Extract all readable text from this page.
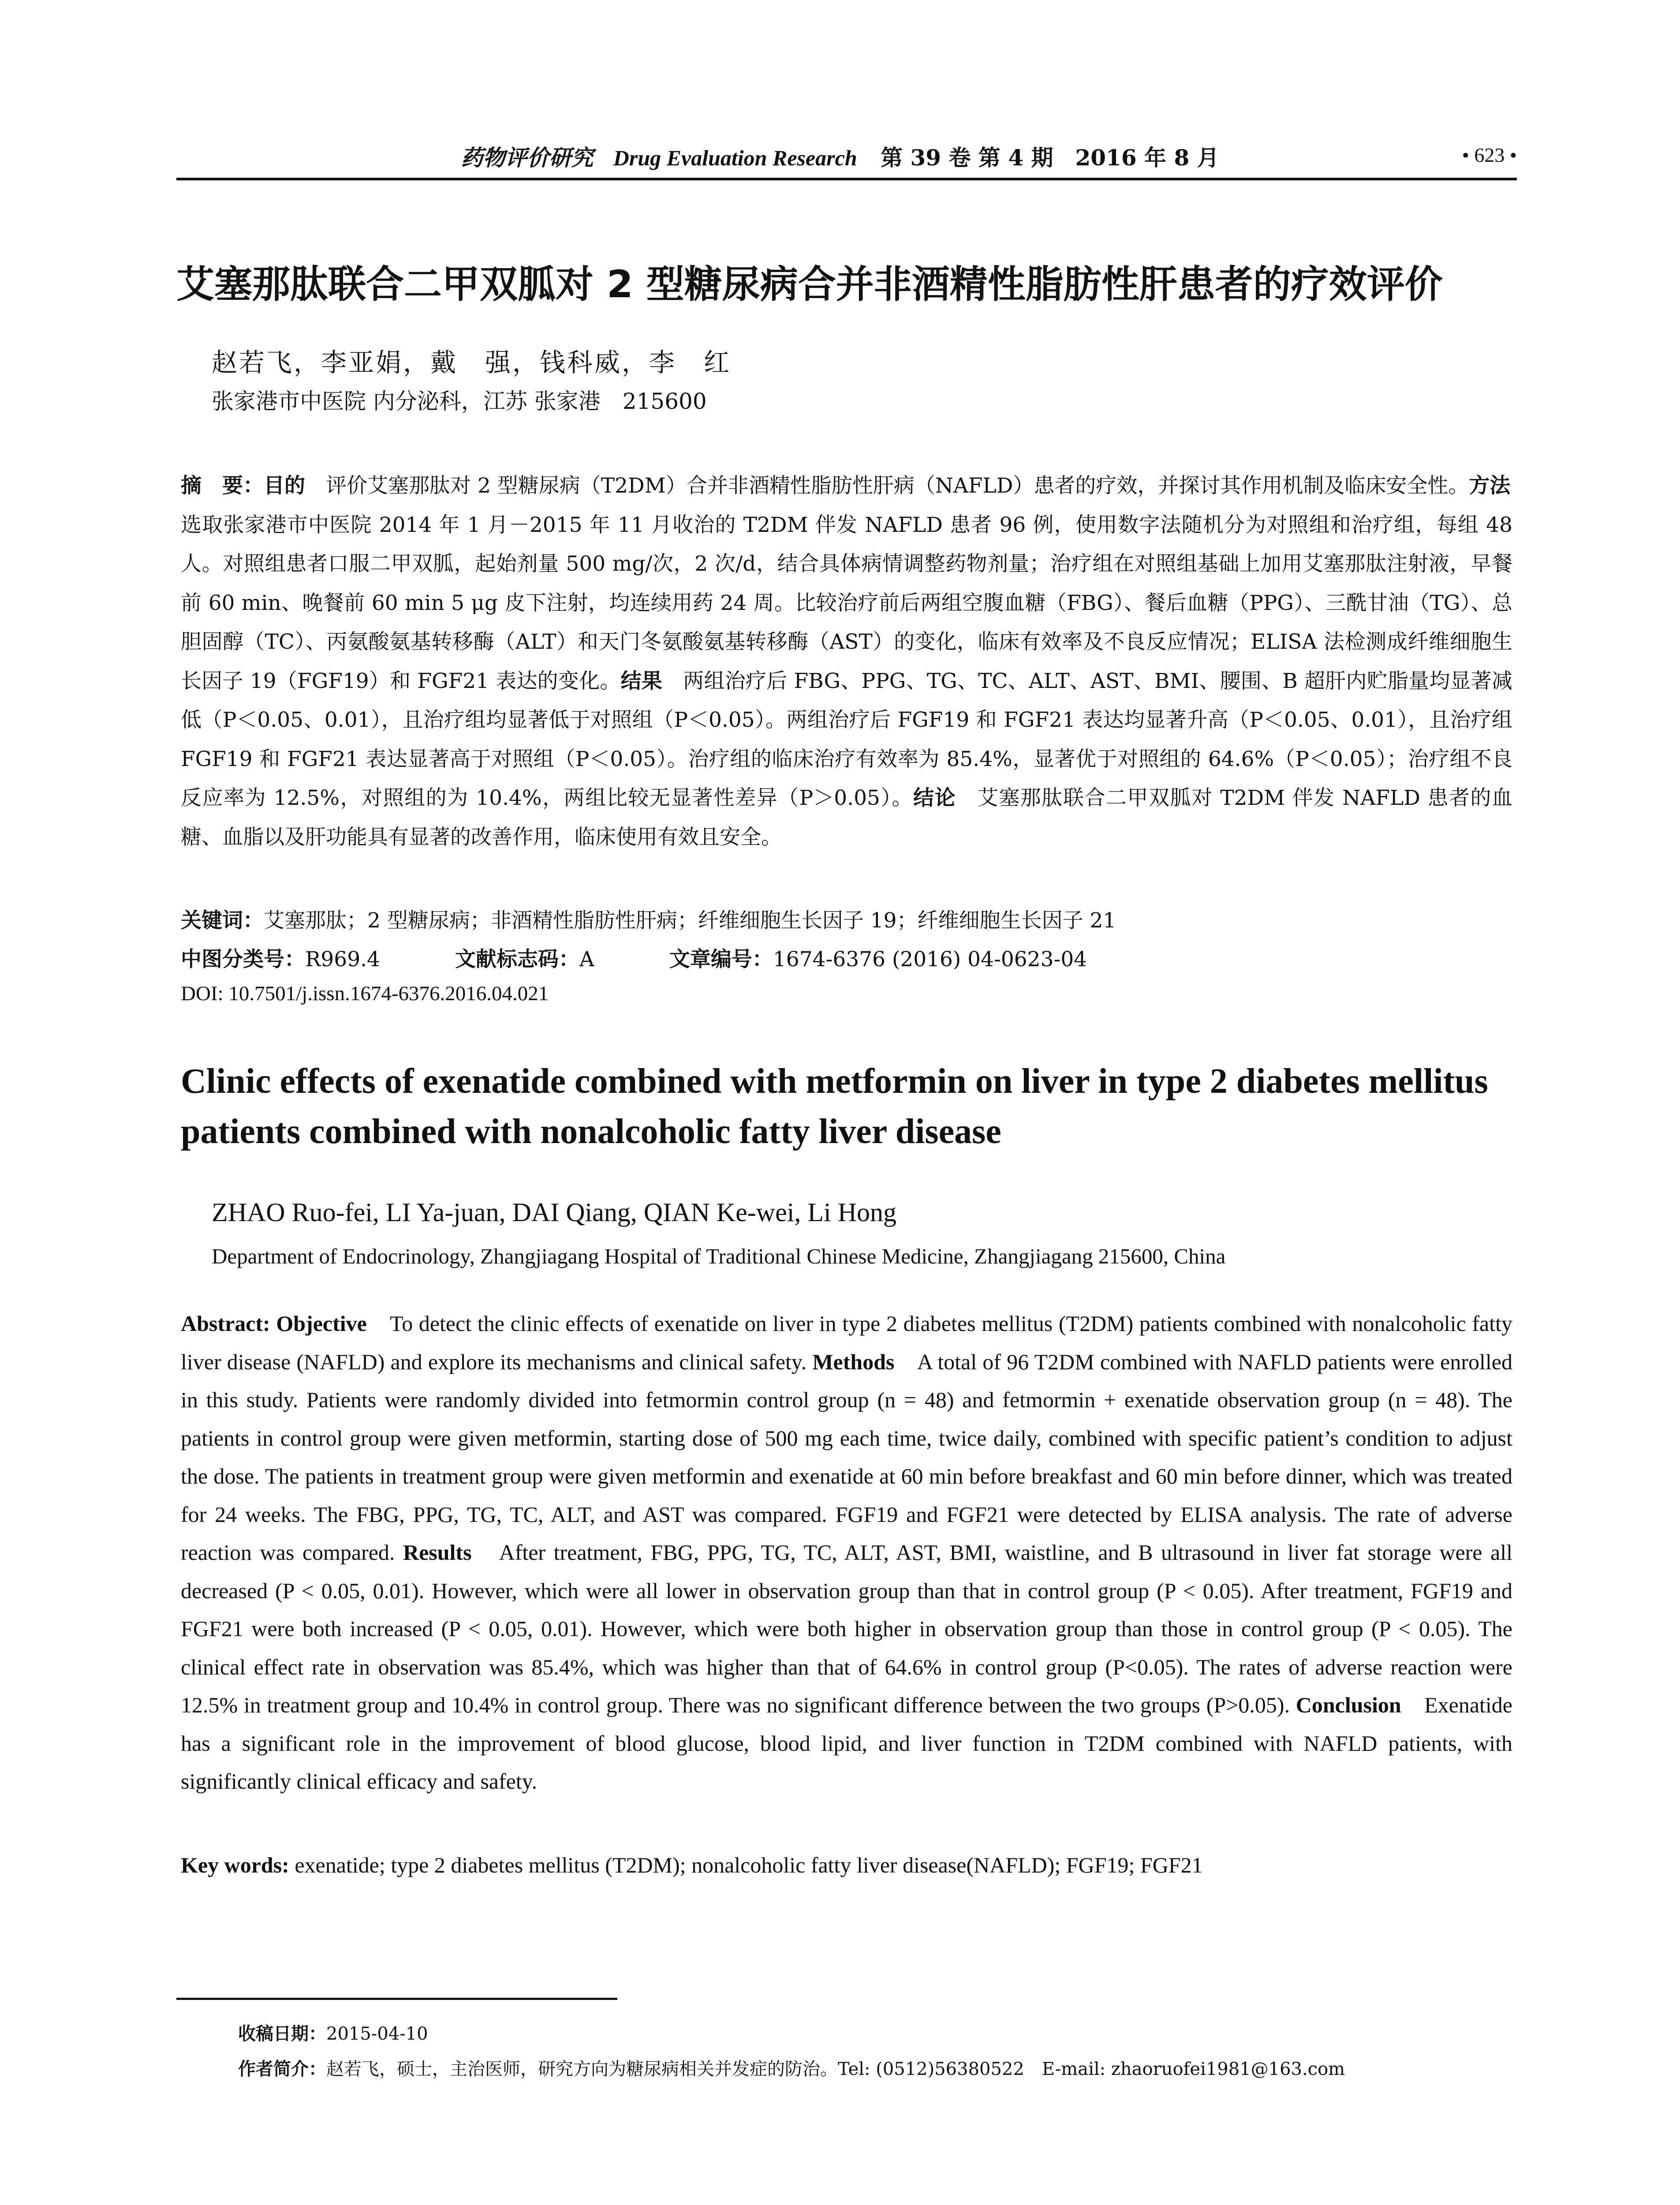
药物评价研究 Drug Evaluation Research 第 39 卷 第 4 期　2016 年 8 月	• 623 •
艾塞那肽联合二甲双胍对 2 型糖尿病合并非酒精性脂肪性肝患者的疗效评价
赵若飞，李亚娟，戴　强，钱科威，李　红
张家港市中医院 内分泌科，江苏 张家港　215600
摘　要：目的　评价艾塞那肽对 2 型糖尿病（T2DM）合并非酒精性脂肪性肝病（NAFLD）患者的疗效，并探讨其作用机制及临床安全性。方法　选取张家港市中医院 2014 年 1 月－2015 年 11 月收治的 T2DM 伴发 NAFLD 患者 96 例，使用数字法随机分为对照组和治疗组，每组 48 人。对照组患者口服二甲双胍，起始剂量 500 mg/次，2 次/d，结合具体病情调整药物剂量；治疗组在对照组基础上加用艾塞那肽注射液，早餐前 60 min、晚餐前 60 min 5 μg 皮下注射，均连续用药 24 周。比较治疗前后两组空腹血糖（FBG）、餐后血糖（PPG）、三酰甘油（TG）、总胆固醇（TC）、丙氨酸氨基转移酶（ALT）和天门冬氨酸氨基转移酶（AST）的变化，临床有效率及不良反应情况；ELISA 法检测成纤维细胞生长因子 19（FGF19）和 FGF21 表达的变化。结果　两组治疗后 FBG、PPG、TG、TC、ALT、AST、BMI、腰围、B 超肝内贮脂量均显著减低（P＜0.05、0.01），且治疗组均显著低于对照组（P＜0.05）。两组治疗后 FGF19 和 FGF21 表达均显著升高（P＜0.05、0.01），且治疗组 FGF19 和 FGF21 表达显著高于对照组（P＜0.05）。治疗组的临床治疗有效率为 85.4%，显著优于对照组的 64.6%（P＜0.05）；治疗组不良反应率为 12.5%，对照组的为 10.4%，两组比较无显著性差异（P＞0.05）。结论　艾塞那肽联合二甲双胍对 T2DM 伴发 NAFLD 患者的血糖、血脂以及肝功能具有显著的改善作用，临床使用有效且安全。
关键词：艾塞那肽；2 型糖尿病；非酒精性脂肪性肝病；纤维细胞生长因子 19；纤维细胞生长因子 21
中图分类号：R969.4	文献标志码：A	文章编号：1674-6376 (2016) 04-0623-04
DOI: 10.7501/j.issn.1674-6376.2016.04.021
Clinic effects of exenatide combined with metformin on liver in type 2 diabetes mellitus patients combined with nonalcoholic fatty liver disease
ZHAO Ruo-fei, LI Ya-juan, DAI Qiang, QIAN Ke-wei, Li Hong
Department of Endocrinology, Zhangjiagang Hospital of Traditional Chinese Medicine, Zhangjiagang 215600, China
Abstract: Objective　To detect the clinic effects of exenatide on liver in type 2 diabetes mellitus (T2DM) patients combined with nonalcoholic fatty liver disease (NAFLD) and explore its mechanisms and clinical safety. Methods　A total of 96 T2DM combined with NAFLD patients were enrolled in this study. Patients were randomly divided into fetmormin control group (n = 48) and fetmormin + exenatide observation group (n = 48). The patients in control group were given metformin, starting dose of 500 mg each time, twice daily, combined with specific patient’s condition to adjust the dose. The patients in treatment group were given metformin and exenatide at 60 min before breakfast and 60 min before dinner, which was treated for 24 weeks. The FBG, PPG, TG, TC, ALT, and AST was compared. FGF19 and FGF21 were detected by ELISA analysis. The rate of adverse reaction was compared. Results　After treatment, FBG, PPG, TG, TC, ALT, AST, BMI, waistline, and B ultrasound in liver fat storage were all decreased (P < 0.05, 0.01). However, which were all lower in observation group than that in control group (P < 0.05). After treatment, FGF19 and FGF21 were both increased (P < 0.05, 0.01). However, which were both higher in observation group than those in control group (P < 0.05). The clinical effect rate in observation was 85.4%, which was higher than that of 64.6% in control group (P<0.05). The rates of adverse reaction were 12.5% in treatment group and 10.4% in control group. There was no significant difference between the two groups (P>0.05). Conclusion　Exenatide has a significant role in the improvement of blood glucose, blood lipid, and liver function in T2DM combined with NAFLD patients, with significantly clinical efficacy and safety.
Key words: exenatide; type 2 diabetes mellitus (T2DM); nonalcoholic fatty liver disease(NAFLD); FGF19; FGF21
收稿日期：2015-04-10
作者简介：赵若飞，硕士，主治医师，研究方向为糖尿病相关并发症的防治。Tel: (0512)56380522　E-mail: zhaoruofei1981@163.com
